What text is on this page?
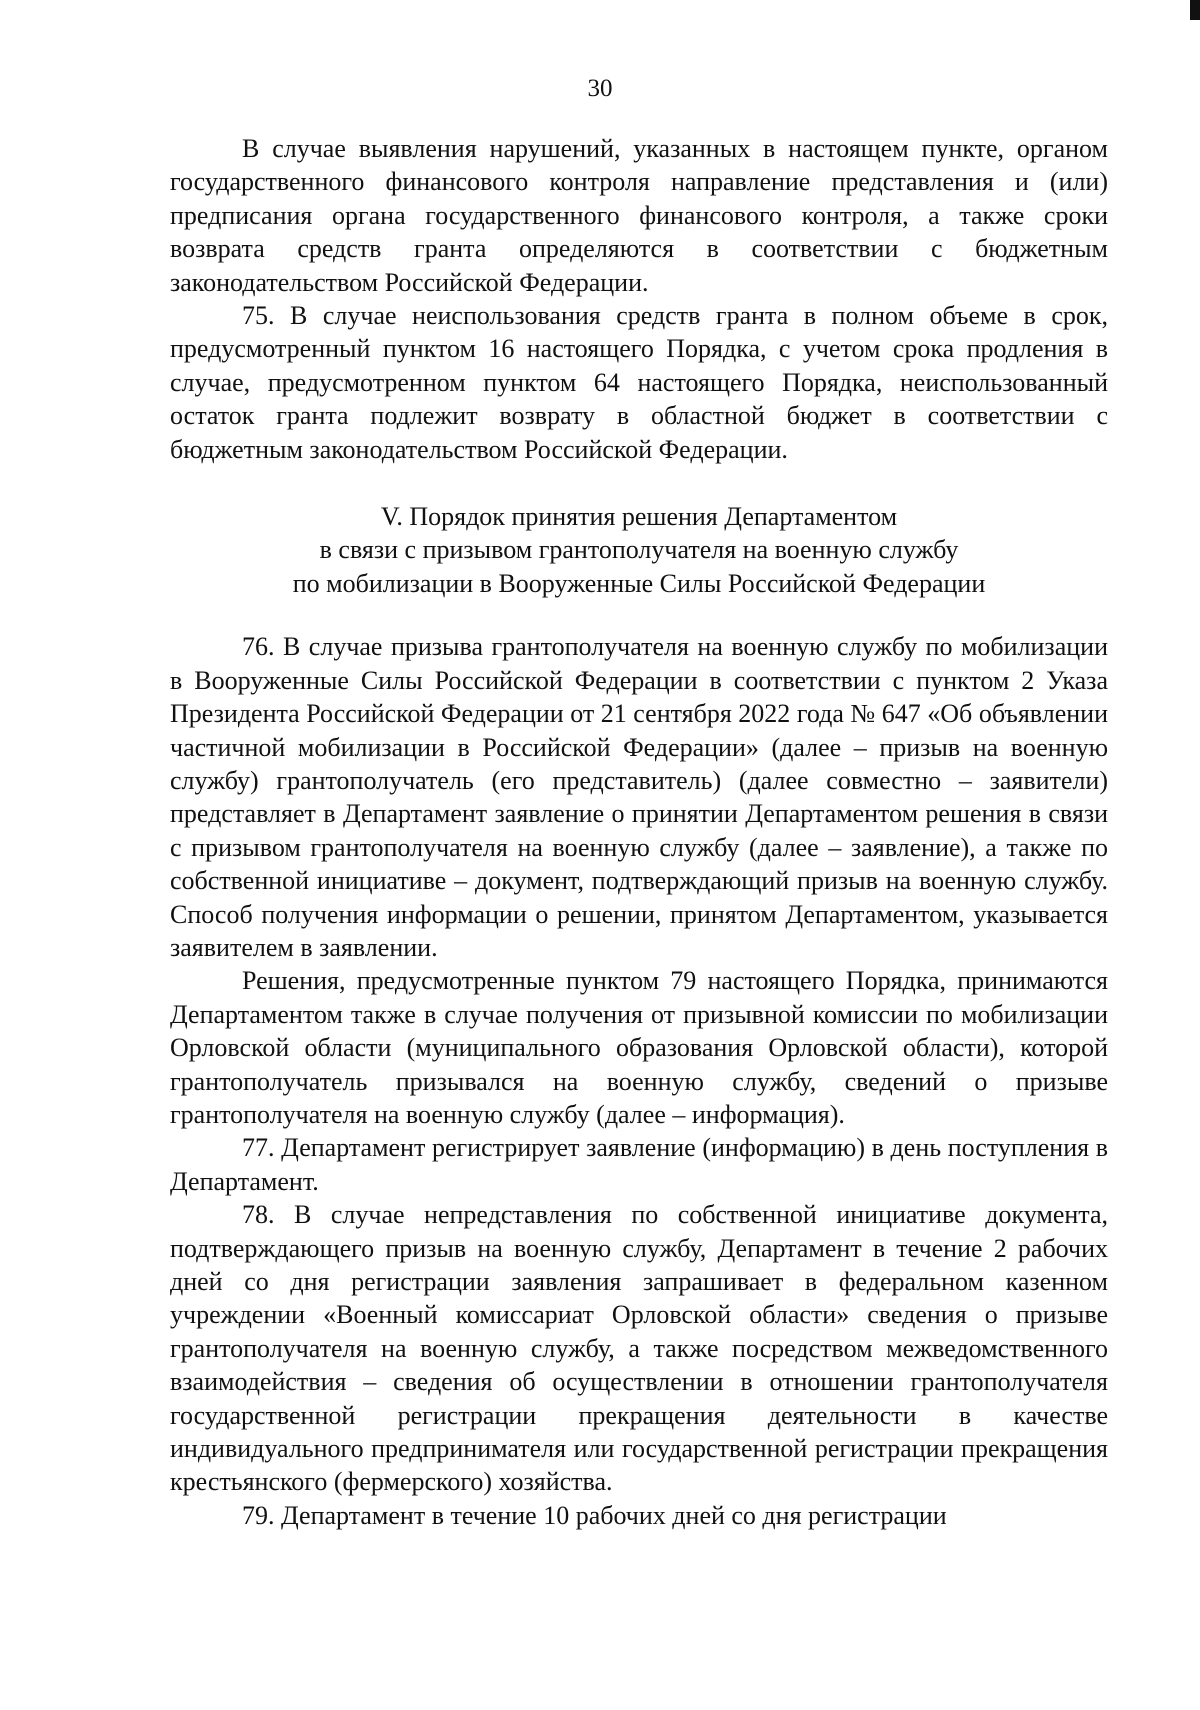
30

В случае выявления нарушений, указанных в настоящем пункте, органом государственного финансового контроля направление представления и (или) предписания органа государственного финансового контроля, а также сроки возврата средств гранта определяются в соответствии с бюджетным законодательством Российской Федерации.

75. В случае неиспользования средств гранта в полном объеме в срок, предусмотренный пунктом 16 настоящего Порядка, с учетом срока продления в случае, предусмотренном пунктом 64 настоящего Порядка, неиспользованный остаток гранта подлежит возврату в областной бюджет в соответствии с бюджетным законодательством Российской Федерации.

V. Порядок принятия решения Департаментом
в связи с призывом грантополучателя на военную службу
по мобилизации в Вооруженные Силы Российской Федерации

76. В случае призыва грантополучателя на военную службу по мобилизации в Вооруженные Силы Российской Федерации в соответствии с пунктом 2 Указа Президента Российской Федерации от 21 сентября 2022 года № 647 «Об объявлении частичной мобилизации в Российской Федерации» (далее – призыв на военную службу) грантополучатель (его представитель) (далее совместно – заявители) представляет в Департамент заявление о принятии Департаментом решения в связи с призывом грантополучателя на военную службу (далее – заявление), а также по собственной инициативе – документ, подтверждающий призыв на военную службу. Способ получения информации о решении, принятом Департаментом, указывается заявителем в заявлении.

Решения, предусмотренные пунктом 79 настоящего Порядка, принимаются Департаментом также в случае получения от призывной комиссии по мобилизации Орловской области (муниципального образования Орловской области), которой грантополучатель призывался на военную службу, сведений о призыве грантополучателя на военную службу (далее – информация).

77. Департамент регистрирует заявление (информацию) в день поступления в Департамент.

78. В случае непредставления по собственной инициативе документа, подтверждающего призыв на военную службу, Департамент в течение 2 рабочих дней со дня регистрации заявления запрашивает в федеральном казенном учреждении «Военный комиссариат Орловской области» сведения о призыве грантополучателя на военную службу, а также посредством межведомственного взаимодействия – сведения об осуществлении в отношении грантополучателя государственной регистрации прекращения деятельности в качестве индивидуального предпринимателя или государственной регистрации прекращения крестьянского (фермерского) хозяйства.

79. Департамент в течение 10 рабочих дней со дня регистрации
